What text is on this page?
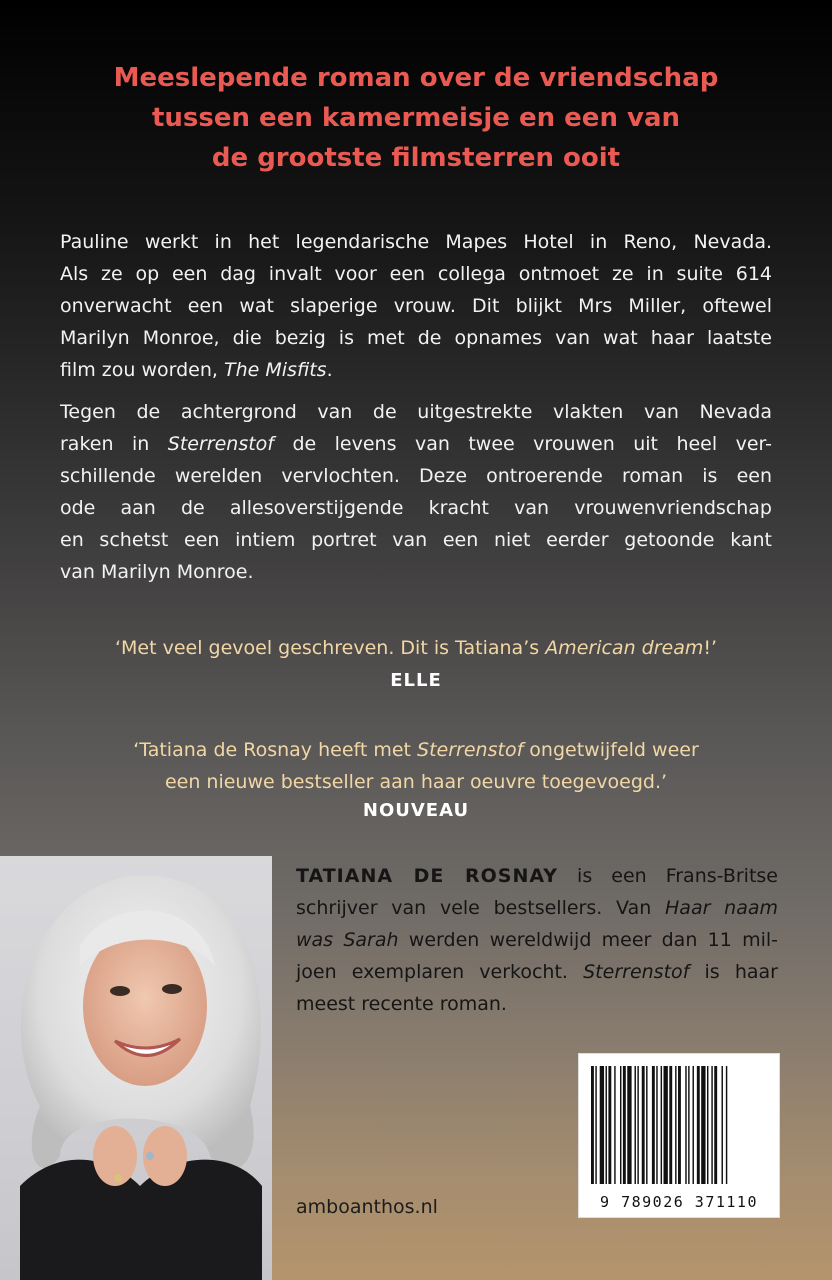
Meeslepende roman over de vriendschap
tussen een kamermeisje en een van
de grootste filmsterren ooit
Pauline werkt in het legendarische Mapes Hotel in Reno, Nevada.
Als ze op een dag invalt voor een collega ontmoet ze in suite 614
onverwacht een wat slaperige vrouw. Dit blijkt Mrs Miller, oftewel
Marilyn Monroe, die bezig is met de opnames van wat haar laatste
film zou worden, The Misfits.
Tegen de achtergrond van de uitgestrekte vlakten van Nevada
raken in Sterrenstof de levens van twee vrouwen uit heel ver-
schillende werelden vervlochten. Deze ontroerende roman is een
ode aan de allesoverstijgende kracht van vrouwenvriendschap
en schetst een intiem portret van een niet eerder getoonde kant
van Marilyn Monroe.
‘Met veel gevoel geschreven. Dit is Tatiana’s American dream!’
ELLE
‘Tatiana de Rosnay heeft met Sterrenstof ongetwijfeld weer
een nieuwe bestseller aan haar oeuvre toegevoegd.’
NOUVEAU
TATIANA DE ROSNAY is een Frans-Britse
schrijver van vele bestsellers. Van Haar naam
was Sarah werden wereldwijd meer dan 11 mil-
joen exemplaren verkocht. Sterrenstof is haar
meest recente roman.
9 789026 371110
amboanthos.nl
